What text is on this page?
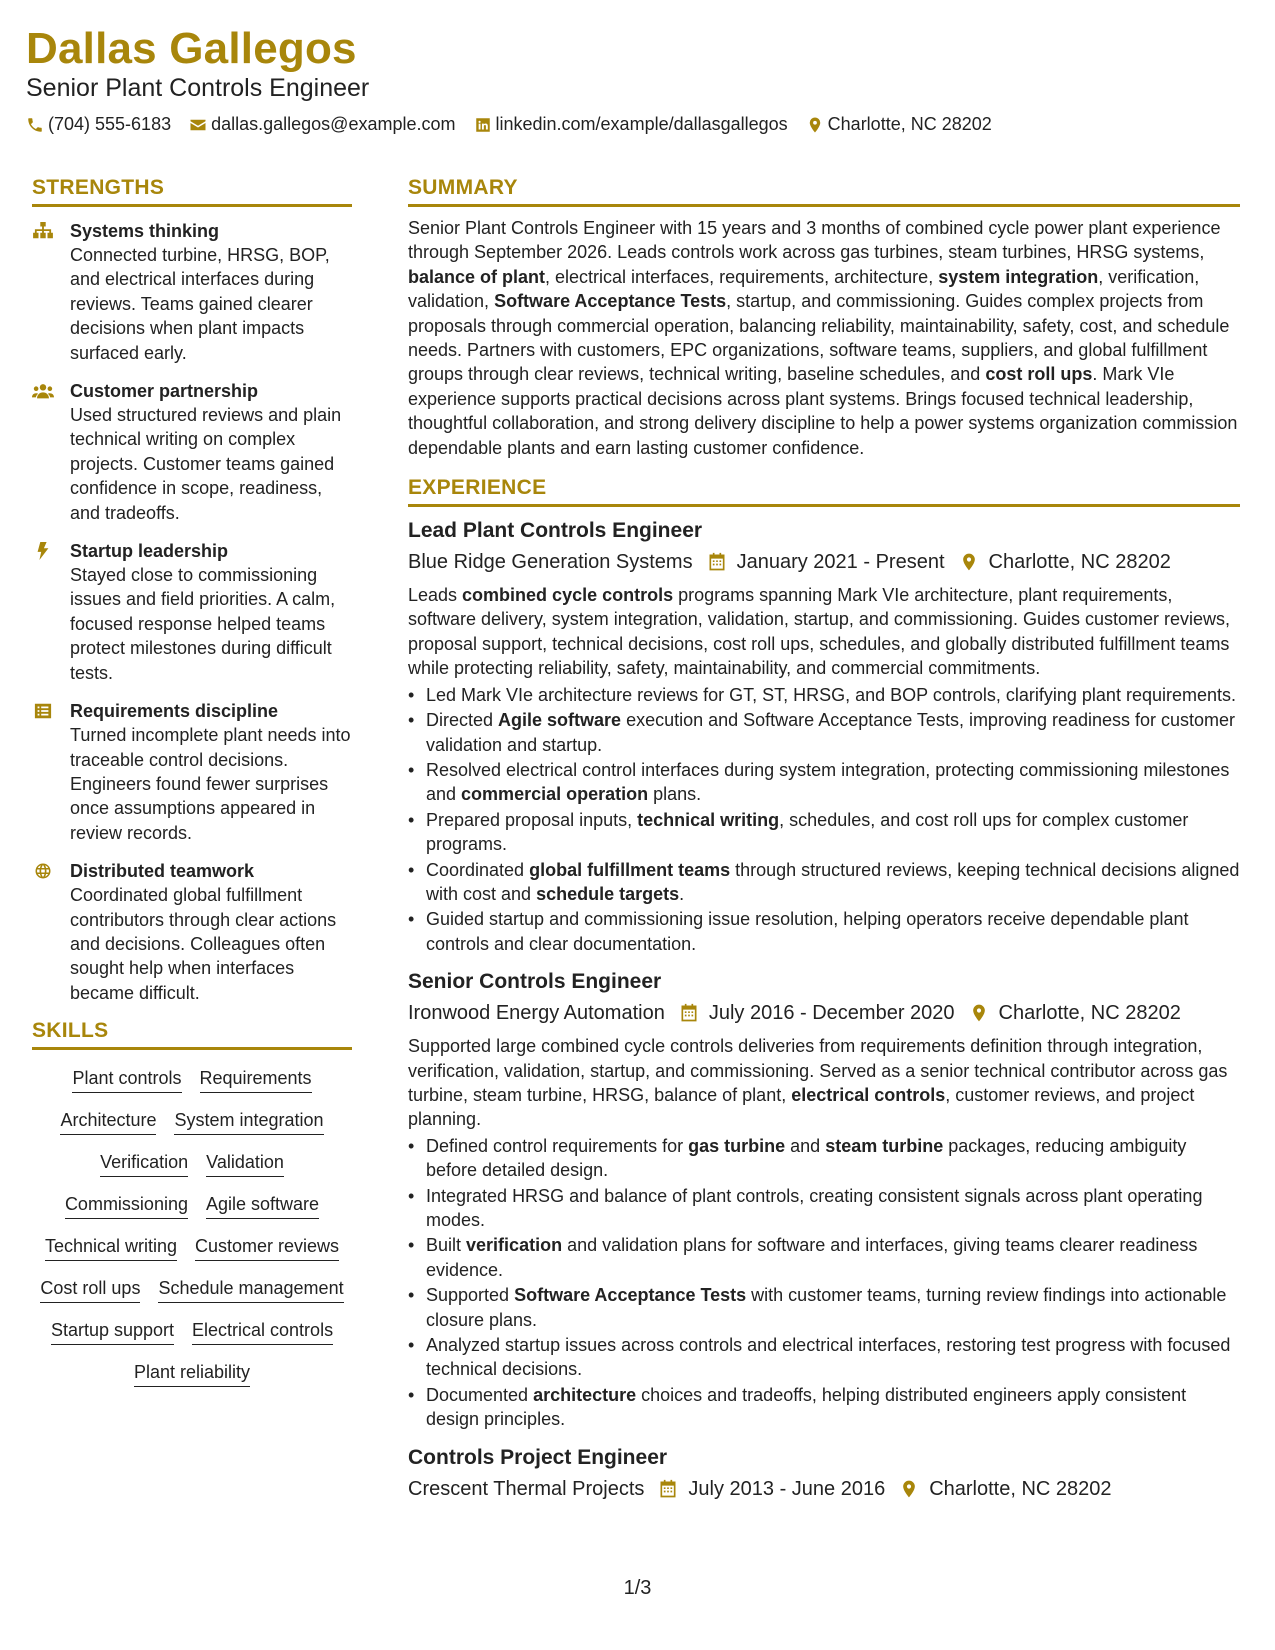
Dallas Gallegos
Senior Plant Controls Engineer
(704) 555-6183 dallas.gallegos@example.com linkedin.com/example/dallasgallegos Charlotte, NC 28202
STRENGTHS
Systems thinking
Connected turbine, HRSG, BOP, and electrical interfaces during reviews. Teams gained clearer decisions when plant impacts surfaced early.
Customer partnership
Used structured reviews and plain technical writing on complex projects. Customer teams gained confidence in scope, readiness, and tradeoffs.
Startup leadership
Stayed close to commissioning issues and field priorities. A calm, focused response helped teams protect milestones during difficult tests.
Requirements discipline
Turned incomplete plant needs into traceable control decisions. Engineers found fewer surprises once assumptions appeared in review records.
Distributed teamwork
Coordinated global fulfillment contributors through clear actions and decisions. Colleagues often sought help when interfaces became difficult.
SKILLS
Plant controls Requirements
Architecture System integration
Verification Validation
Commissioning Agile software
Technical writing Customer reviews
Cost roll ups Schedule management
Startup support Electrical controls
Plant reliability
SUMMARY
Senior Plant Controls Engineer with 15 years and 3 months of combined cycle power plant experience through September 2026. Leads controls work across gas turbines, steam turbines, HRSG systems, balance of plant, electrical interfaces, requirements, architecture, system integration, verification, validation, Software Acceptance Tests, startup, and commissioning. Guides complex projects from proposals through commercial operation, balancing reliability, maintainability, safety, cost, and schedule needs. Partners with customers, EPC organizations, software teams, suppliers, and global fulfillment groups through clear reviews, technical writing, baseline schedules, and cost roll ups. Mark VIe experience supports practical decisions across plant systems. Brings focused technical leadership, thoughtful collaboration, and strong delivery discipline to help a power systems organization commission dependable plants and earn lasting customer confidence.
EXPERIENCE
Lead Plant Controls Engineer
Blue Ridge Generation Systems January 2021 - Present Charlotte, NC 28202
Leads combined cycle controls programs spanning Mark VIe architecture, plant requirements, software delivery, system integration, validation, startup, and commissioning. Guides customer reviews, proposal support, technical decisions, cost roll ups, schedules, and globally distributed fulfillment teams while protecting reliability, safety, maintainability, and commercial commitments.
•
Led Mark VIe architecture reviews for GT, ST, HRSG, and BOP controls, clarifying plant requirements.
•
Directed Agile software execution and Software Acceptance Tests, improving readiness for customer validation and startup.
•
Resolved electrical control interfaces during system integration, protecting commissioning milestones and commercial operation plans.
•
Prepared proposal inputs, technical writing, schedules, and cost roll ups for complex customer programs.
•
Coordinated global fulfillment teams through structured reviews, keeping technical decisions aligned with cost and schedule targets.
•
Guided startup and commissioning issue resolution, helping operators receive dependable plant controls and clear documentation.
Senior Controls Engineer
Ironwood Energy Automation July 2016 - December 2020 Charlotte, NC 28202
Supported large combined cycle controls deliveries from requirements definition through integration, verification, validation, startup, and commissioning. Served as a senior technical contributor across gas turbine, steam turbine, HRSG, balance of plant, electrical controls, customer reviews, and project planning.
•
Defined control requirements for gas turbine and steam turbine packages, reducing ambiguity before detailed design.
•
Integrated HRSG and balance of plant controls, creating consistent signals across plant operating modes.
•
Built verification and validation plans for software and interfaces, giving teams clearer readiness evidence.
•
Supported Software Acceptance Tests with customer teams, turning review findings into actionable closure plans.
•
Analyzed startup issues across controls and electrical interfaces, restoring test progress with focused technical decisions.
•
Documented architecture choices and tradeoffs, helping distributed engineers apply consistent design principles.
Controls Project Engineer
Crescent Thermal Projects July 2013 - June 2016 Charlotte, NC 28202
1/3
